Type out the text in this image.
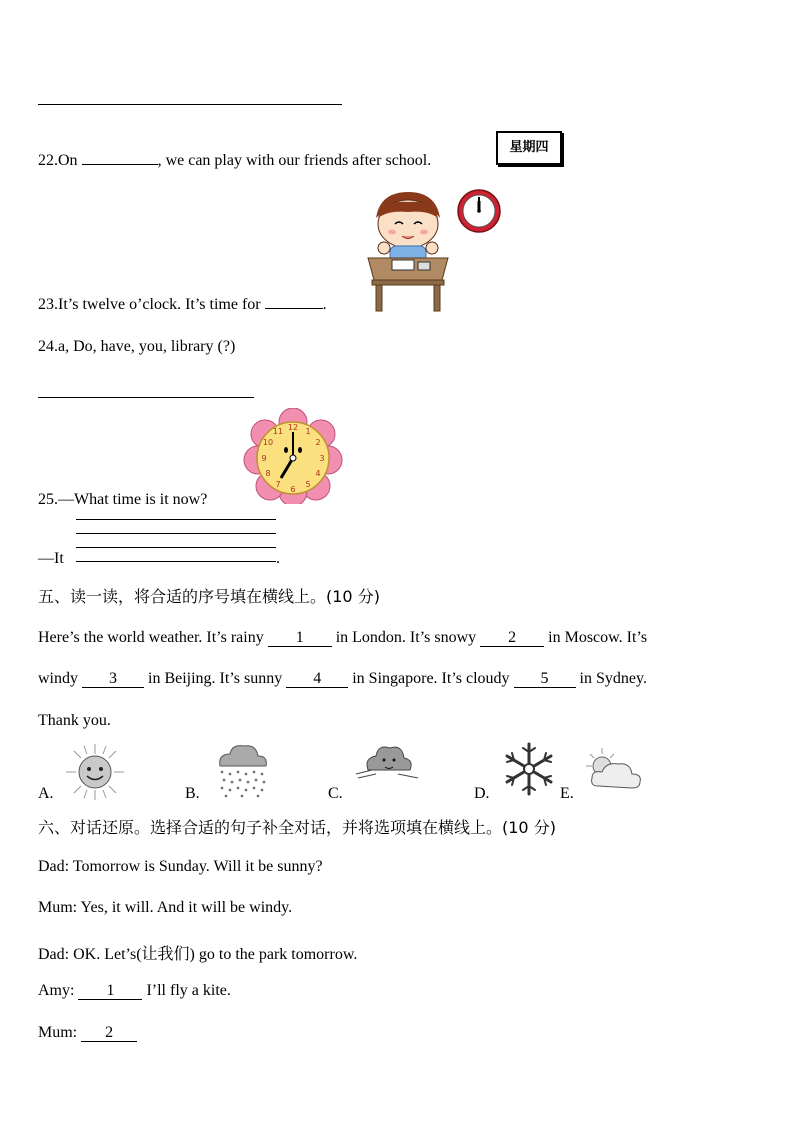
22.On	, we can play with our friends after school.
星期四
23.It’s twelve o’clock. It’s time for	.
24.a, Do, have, you, library (?)
12 1
2
3
4
5
6
7
8
9
10
11
25.—What time is it now?
—It	.
五、读一读，将合适的序号填在横线上。(10 分)
Here’s the world weather. It’s rainy 1 in London. It’s snowy 2 in Moscow. It’s
windy 3 in Beijing. It’s sunny 4 in Singapore. It’s cloudy 5 in Sydney.
Thank you.
A.	B.	C.	D.	E.
六、对话还原。选择合适的句子补全对话，并将选项填在横线上。(10 分)
Dad: Tomorrow is Sunday. Will it be sunny?
Mum: Yes, it will. And it will be windy.
Dad: OK. Let’s(让我们) go to the park tomorrow.
Amy: 1 I’ll fly a kite.
Mum: 2
